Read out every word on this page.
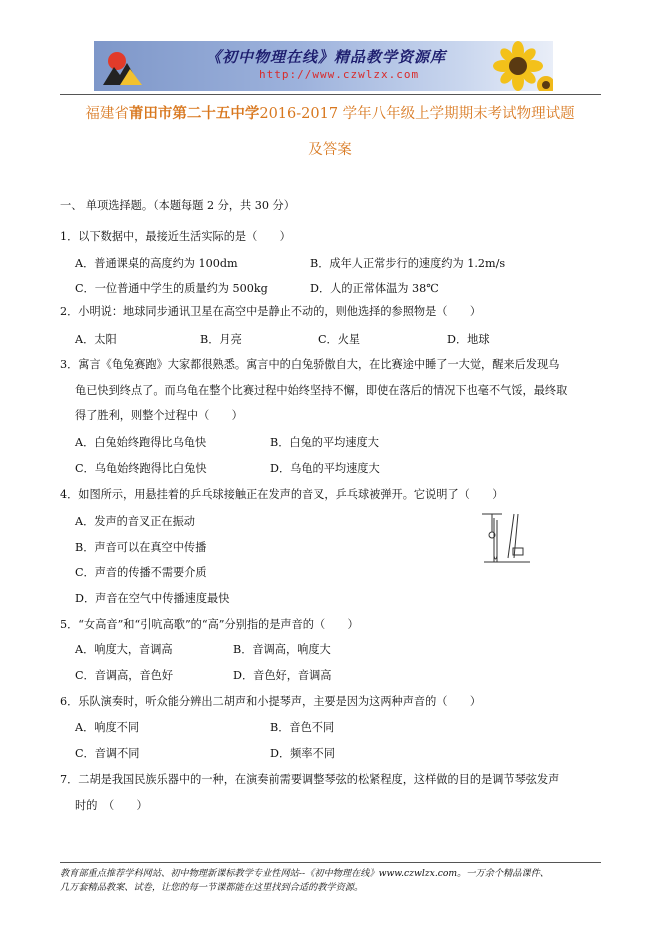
《初中物理在线》精品教学资源库
http://www.czwlzx.com
福建省莆田市第二十五中学2016-2017 学年八年级上学期期末考试物理试题
及答案
一、 单项选择题。（本题每题 2 分，共 30 分）
1．以下数据中，最接近生活实际的是（　　）
A．普通课桌的高度约为 100dm	B．成年人正常步行的速度约为 1.2m/s
C．一位普通中学生的质量约为 500kg	D．人的正常体温为 38℃
2．小明说：地球同步通讯卫星在高空中是静止不动的，则他选择的参照物是（　　）
A．太阳	B．月亮	C．火星	D．地球
3．寓言《龟兔赛跑》大家都很熟悉。寓言中的白兔骄傲自大，在比赛途中睡了一大觉，醒来后发现乌
龟已快到终点了。而乌龟在整个比赛过程中始终坚持不懈，即使在落后的情况下也毫不气馁，最终取
得了胜利，则整个过程中（　　）
A．白兔始终跑得比乌龟快	B．白兔的平均速度大
C．乌龟始终跑得比白兔快	D．乌龟的平均速度大
4．如图所示，用悬挂着的乒乓球接触正在发声的音叉，乒乓球被弹开。它说明了（　　）
A．发声的音叉正在振动
B．声音可以在真空中传播
C．声音的传播不需要介质
D．声音在空气中传播速度最快
5．“女高音”和“引吭高歌”的“高”分别指的是声音的（　　）
A．响度大，音调高	B．音调高，响度大
C．音调高，音色好	D．音色好，音调高
6．乐队演奏时，听众能分辨出二胡声和小提琴声，主要是因为这两种声音的（　　）
A．响度不同	B．音色不同
C．音调不同	D．频率不同
7．二胡是我国民族乐器中的一种，在演奏前需要调整琴弦的松紧程度，这样做的目的是调节琴弦发声
时的　（　　）
教育部重点推荐学科网站、初中物理新课标教学专业性网站--《初中物理在线》www.czwlzx.com。一万余个精品课件、
几万套精品教案、试卷，让您的每一节课都能在这里找到合适的教学资源。
